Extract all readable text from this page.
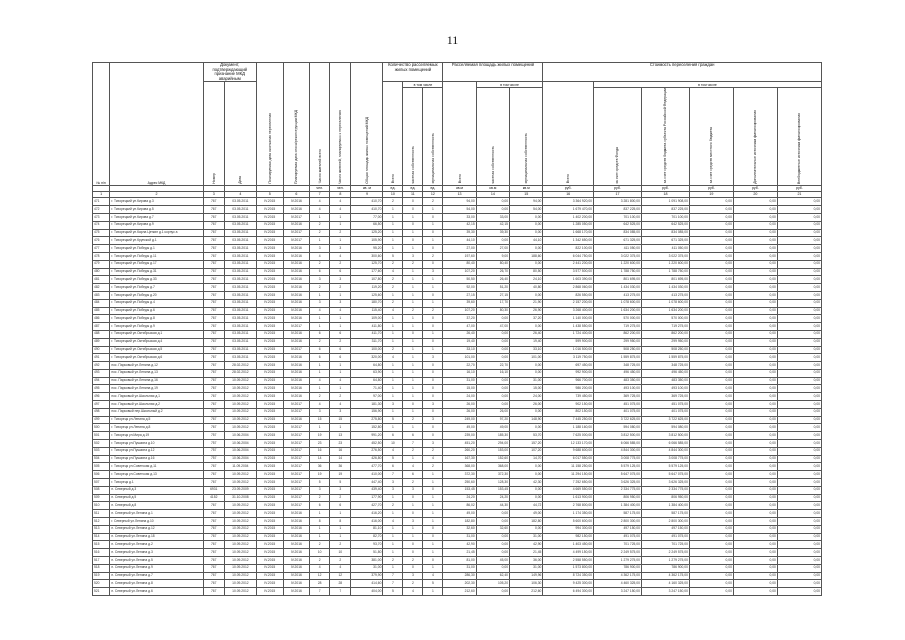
11
№ п/п	Адрес МКД	Документ, подтверждающий признание МКД аварийным		Планируемая дата окончания переселения	Планируемая дата сноса/реконструкции МКД	Число жителей всего	Число жителей, планируемых к переселению	Общая площадь жилых помещений МКД	Количество расселяемых жилых помещений			Расселяемая площадь жилых помещений			Стоимость переселения граждан					
		Номер	Дата						Всего	в том числе		Всего	в том числе		Всего	в том числе				
										частная собственность	муниципальная собственность		частная собственность	муниципальная собственность		за счет средств Фонда	за счет средств бюджета субъекта Российской Федерации	за счет средств местного бюджета	Дополнительные источники финансирования	Внебюджетные источники финансирования
						чел.	чел.	кв. м	ед.	ед.	ед.	кв.м	кв.м	кв.м	руб.	руб.	руб.	руб.	руб.	руб.
1	2	3	4	5	6	7	8	9	10	11	12	13	14	15	16	17	18	19	20	21
471	г. Тихорецкий ул.Кирова д.3	767	03.05.2011	IV.2015	IV.2016	4	4	410,70	2	0	2	94,00	0,00	94,00	3 364 920,00	3 281 800,00	1 091 908,00	0,00	0,00	0,00
472	г. Тихорецкий ул.Кирова д.5	767	03.05.2011	IV.2015	IV.2016	4	4	410,70	1	0	1	54,00	0,00	54,00	1 679 470,00	837 225,00	837 225,00	0,00	0,00	0,00
473	г. Тихорецкий ул.Кирова д.7	767	03.05.2011	IV.2015	IV.2017	1	1	77,00	1	1	0	33,00	33,00	0,00	1 402 200,00	701 100,00	701 100,00	0,00	0,00	0,00
474	г. Тихорецкий ул.Кирова д.9	767	03.05.2011	IV.2015	IV.2016	2	1	66,50	1	0	1	42,15	42,15	0,00	1 285 050,00	642 525,00	642 525,00	0,00	0,00	0,00
475	г. Тихорецкий ул.Карла Цеткин д.1 корпус а	767	03.05.2011	IV.2015	IV.2017	2	2	125,20	1	1	0	39,30	39,30	0,00	1 668 170,00	834 085,00	834 085,00	0,00	0,00	0,00
476	г. Тихорецкий ул.Крупской д.1	767	03.05.2011	IV.2015	IV.2017	1	1	105,90	1	0	1	44,10	0,00	44,10	1 342 650,00	671 325,00	671 325,00	0,00	0,00	0,00
477	г. Тихорецкий ул.Победы д.1	767	03.05.2011	IV.2015	IV.2016	3	3	95,20	1	1	0	27,00	27,00	0,00	822 100,00	411 050,00	411 050,00	0,00	0,00	0,00
478	г. Тихорецкий ул.Победы д.11	767	03.05.2011	IV.2015	IV.2016	4	4	300,60	5	3	2	197,60	9,00	188,60	6 044 750,00	3 022 375,00	3 022 375,00	0,00	0,00	0,00
479	г. Тихорецкий ул.Победы д.17	767	03.05.2011	IV.2015	IV.2016	2	2	125,70	2	2	0	80,40	80,40	0,00	2 441 200,00	1 220 600,00	1 220 600,00	0,00	0,00	0,00
480	г. Тихорецкий ул.Победы д.31	767	03.05.2011	IV.2015	IV.2016	6	6	177,60	4	1	3	107,20	26,70	80,50	3 577 500,00	1 788 750,00	1 788 750,00	0,00	0,00	0,00
481	г. Тихорецкий ул.Победы д.33	767	03.05.2011	IV.2015	IV.2016	3	3	107,80	2	1	1	50,50	26,40	24,10	1 603 390,00	801 695,00	801 695,00	0,00	0,00	0,00
482	г. Тихорецкий ул.Победы д.7	767	03.05.2011	IV.2015	IV.2016	2	2	119,20	2	1	1	92,00	51,20	40,80	2 868 060,00	1 434 030,00	1 434 030,00	0,00	0,00	0,00
483	г. Тихорецкий ул.Победы д.20	767	03.05.2011	IV.2015	IV.2016	1	1	125,60	1	1	0	27,15	27,15	0,00	826 550,00	413 275,00	413 275,00	0,00	0,00	0,00
484	г. Тихорецкий ул.Победы д.4	767	03.05.2011	IV.2015	IV.2016	3	3	180,70	2	1	1	39,60	17,70	21,90	2 157 200,00	1 078 600,00	1 078 600,00	0,00	0,00	0,00
485	г. Тихорецкий ул.Победы д.6	767	03.05.2011	IV.2015	IV.2016	4	4	115,40	4	2	2	107,20	80,30	26,90	3 268 400,00	1 634 200,00	1 634 200,00	0,00	0,00	0,00
486	г. Тихорецкий ул.Победы д.8	767	03.05.2011	IV.2015	IV.2016	1	1	109,00	1	1	0	37,20	0,00	37,20	1 140 000,00	570 000,00	570 000,00	0,00	0,00	0,00
487	г. Тихорецкий ул.Победы д.9	767	03.05.2011	IV.2015	IV.2017	1	1	411,80	1	1	0	47,00	47,00	0,00	1 438 550,00	719 275,00	719 275,00	0,00	0,00	0,00
488	г. Тихорецкий ул.Октябрьская д.1	767	03.05.2011	IV.2015	IV.2016	6	6	411,70	1	0	1	26,40	0,00	26,40	1 724 400,00	862 200,00	862 200,00	0,00	0,00	0,00
489	г. Тихорецкий ул.Октябрьская д.4	767	03.05.2011	IV.2015	IV.2016	2	2	311,70	1	1	0	19,40	0,00	19,40	599 900,00	299 950,00	299 950,00	0,00	0,00	0,00
490	г. Тихорецкий ул.Октябрьская д.5	767	03.05.2011	IV.2015	IV.2017	6	6	100,00	2	1	1	33,10	0,00	33,10	1 016 500,00	508 250,00	508 250,00	0,00	0,00	0,00
491	г. Тихорецкий ул.Октябрьская д.6	767	03.05.2011	IV.2015	IV.2016	6	6	320,00	4	1	3	101,00	0,00	101,00	3 119 750,00	1 559 875,00	1 559 875,00	0,00	0,00	0,00
492	пос. Парковый ул.Ленина д.12	767	28.02.2012	IV.2015	IV.2016	1	1	64,80	1	1	0	22,70	22,70	0,00	697 450,00	348 725,00	348 725,00	0,00	0,00	0,00
493	пос. Парковый ул.Ленина д.13	767	28.02.2012	IV.2015	IV.2016	1	1	63,90	1	1	0	16,10	16,10	0,00	992 900,00	496 450,00	496 450,00	0,00	0,00	0,00
494	пос. Парковый ул.Ленина д.16	767	10.09.2012	IV.2015	IV.2016	4	4	64,80	1	1	0	31,00	0,00	31,00	966 700,00	483 350,00	483 350,00	0,00	0,00	0,00
495	пос. Парковый ул.Ленина д.19	767	10.09.2012	IV.2015	IV.2016	1	1	71,40	1	1	0	15,00	0,00	15,00	986 200,00	493 100,00	493 100,00	0,00	0,00	0,00
496	пос. Парковый ул.Школьная д.1	767	10.09.2012	IV.2015	IV.2016	2	2	97,00	1	1	0	24,00	0,00	24,00	739 450,00	369 725,00	369 725,00	0,00	0,00	0,00
497	пос. Парковый ул.Школьная д.2	767	10.09.2012	IV.2015	IV.2017	4	4	181,30	3	0	3	26,00	0,00	26,00	902 150,00	451 075,00	451 075,00	0,00	0,00	0,00
498	пос. Парковый пер.Школьный д.2	767	10.09.2012	IV.2015	IV.2017	3	3	156,90	1	1	0	26,00	26,00	0,00	802 150,00	401 075,00	401 075,00	0,00	0,00	0,00
499	г. Тихорецк ул.Ленина д.5	767	10.09.2012	IV.2015	IV.2016	15	15	275,80	5	2	3	249,00	97,20	148,90	7 445 250,00	3 722 625,00	3 722 625,00	0,00	0,00	0,00
500	г. Тихорецк ул.Ленина д.8	767	10.09.2012	IV.2015	IV.2017	1	1	152,80	1	1	0	49,00	49,00	0,00	1 188 160,00	594 080,00	594 080,00	0,00	0,00	0,00
501	г. Тихорецк ул.Мира д.19	757	10.06.2004	IV.2015	IV.2017	19	13	991,20	6	6	0	239,00	185,30	53,70	7 625 000,00	3 812 500,00	3 812 500,00	0,00	0,00	0,00
502	г. Тихорецк ул.Пушкина д.10	757	10.06.2004	IV.2015	IV.2017	23	23	452,50	10	7	3	451,20	294,00	157,20	12 133 170,00	6 066 585,00	6 066 585,00	0,00	0,00	0,00
503	г. Тихорецк ул.Пушкина д.12	757	10.06.2004	IV.2015	IV.2017	16	16	276,50	4	2	2	260,20	153,00	107,20	9 688 600,00	4 844 300,00	4 844 300,00	0,00	0,00	0,00
504	г. Тихорецк ул.Пушкина д.16	757	10.06.2004	IV.2015	IV.2017	14	14	426,80	5	1	4	167,30	152,60	14,70	6 017 550,00	3 008 775,00	3 008 775,00	0,00	0,00	0,00
505	г. Тихорецк ул.Советская д.11	767	11.09.2004	IV.2015	IV.2017	36	36	477,70	6	4	2	368,00	368,00	0,00	11 158 250,00	5 579 125,00	5 579 125,00	0,00	0,00	0,00
506	г. Тихорецк ул.Советская д.13	767	10.09.2012	IV.2015	IV.2017	19	19	410,00	7	6	1	372,30	372,30	0,00	11 294 150,00	5 647 075,00	5 647 075,00	0,00	0,00	0,00
507	г. Тихорецк д.1	767	10.09.2012	IV.2015	IV.2017	5	5	447,40	3	2	1	250,60	128,30	42,30	7 252 650,00	3 626 325,00	3 626 325,00	0,00	0,00	0,00
508	п. Северный д.3	6931	23.09.2009	IV.2015	IV.2017	3	3	439,40	3	3	0	153,45	153,45	0,00	4 669 550,00	2 334 775,00	2 334 775,00	0,00	0,00	0,00
509	п. Северный д.5	4152	31.10.2008	IV.2015	IV.2017	2	2	177,90	1	0	1	24,20	24,20	0,00	1 613 900,00	806 950,00	806 950,00	0,00	0,00	0,00
510	п. Северный д.8	767	10.09.2012	IV.2015	IV.2017	6	6	427,70	2	1	1	86,02	44,30	44,72	2 768 800,00	1 384 400,00	1 384 400,00	0,00	0,00	0,00
511	п. Северный ул.Ленина д.1	767	10.09.2012	IV.2015	IV.2016	1	1	416,20	1	0	1	49,00	0,00	49,00	1 174 350,00	587 175,00	587 175,00	0,00	0,00	0,00
512	г. Северный ул.Ленина д.10	767	10.09.2012	IV.2015	IV.2016	8	8	416,00	4	3	1	182,80	0,00	182,80	5 600 600,00	2 800 300,00	2 800 300,00	0,00	0,00	0,00
513	п. Северный ул.Ленина д.12	767	10.09.2012	IV.2015	IV.2016	1	1	81,10	1	1	0	32,60	32,60	0,00	994 300,00	497 150,00	497 150,00	0,00	0,00	0,00
514	п. Северный ул.Ленина д.18	767	10.09.2012	IV.2015	IV.2016	1	1	82,70	1	1	0	31,00	0,00	31,00	982 150,00	491 075,00	491 075,00	0,00	0,00	0,00
515	п. Северный ул.Ленина д.2	767	10.09.2012	IV.2015	IV.2016	2	2	93,70	1	0	1	42,90	0,00	42,90	1 403 450,00	701 725,00	701 725,00	0,00	0,00	0,00
516	п. Северный ул.Ленина д.3	767	10.09.2012	IV.2015	IV.2016	10	10	51,80	1	0	1	21,45	0,00	21,45	4 499 150,00	2 249 575,00	2 249 575,00	0,00	0,00	0,00
517	п. Северный ул.Ленина д.5	767	10.09.2012	IV.2015	IV.2016	2	2	381,00	2	2	0	81,00	45,00	36,00	2 558 550,00	1 279 275,00	1 279 275,00	0,00	0,00	0,00
518	п. Северный ул.Ленина д.9	767	10.09.2012	IV.2015	IV.2016	4	4	31,00	1	0	1	31,00	0,00	31,00	1 573 800,00	786 900,00	786 900,00	0,00	0,00	0,00
519	п. Северный ул.Ленина д.7	767	10.09.2012	IV.2015	IV.2016	12	12	379,90	7	3	4	286,30	62,40	149,96	8 724 350,00	4 362 175,00	4 362 175,00	0,00	0,00	0,00
520	п. Северный ул.Ленина д.8	767	10.09.2012	IV.2015	IV.2016	28	28	414,60	7	2	5	202,30	105,20	106,30	9 425 300,00	4 460 325,00	4 160 325,00	0,00	0,00	0,00
521	п. Северный ул.Ленина д.6	767	10.09.2012	IV.2015	IV.2016	7	7	404,00	5	4	1	212,60	0,00	212,60	6 494 300,00	3 247 150,00	3 247 150,00	0,00	0,00	0,00
